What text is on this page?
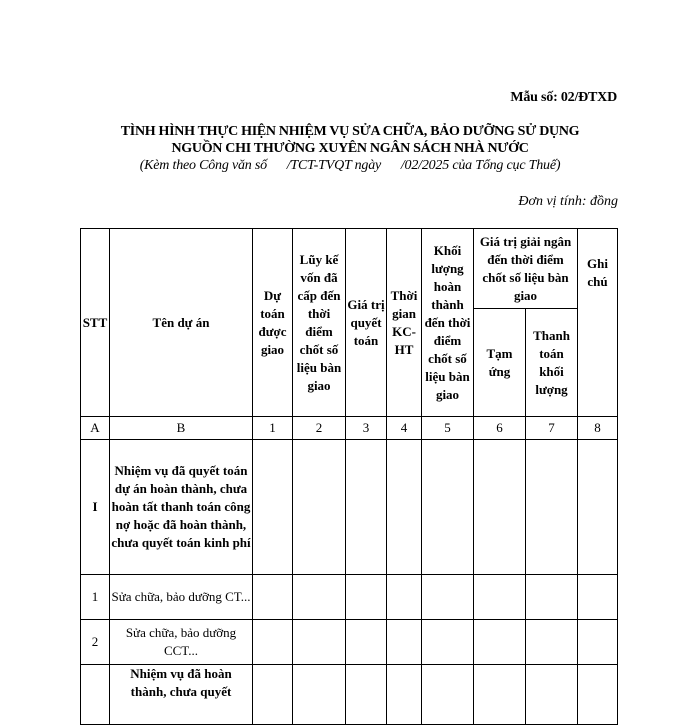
Mẫu số: 02/ĐTXD
TÌNH HÌNH THỰC HIỆN NHIỆM VỤ SỬA CHỮA, BẢO DƯỠNG SỬ DỤNG
NGUỒN CHI THƯỜNG XUYÊN NGÂN SÁCH NHÀ NƯỚC
(Kèm theo Công văn số      /TCT-TVQT ngày      /02/2025 của Tổng cục Thuế)
Đơn vị tính: đồng
STT	Tên dự án	Dự toán được giao	Lũy kế vốn đã cấp đến thời điểm chốt số liệu bàn giao	Giá trị quyết toán	Thời gian KC-HT	Khối lượng hoàn thành đến thời điểm chốt số liệu bàn giao	Giá trị giải ngân đến thời điểm chốt số liệu bàn giao		Ghi chú
							Tạm ứng	Thanh toán khối lượng	
A	B	1	2	3	4	5	6	7	8
I	Nhiệm vụ đã quyết toán dự án hoàn thành, chưa hoàn tất thanh toán công nợ hoặc đã hoàn thành, chưa quyết toán kinh phí								
1	Sửa chữa, bảo dưỡng CT...								
2	Sửa chữa, bảo dưỡng CCT...								
	Nhiệm vụ đã hoàn thành, chưa quyết								
